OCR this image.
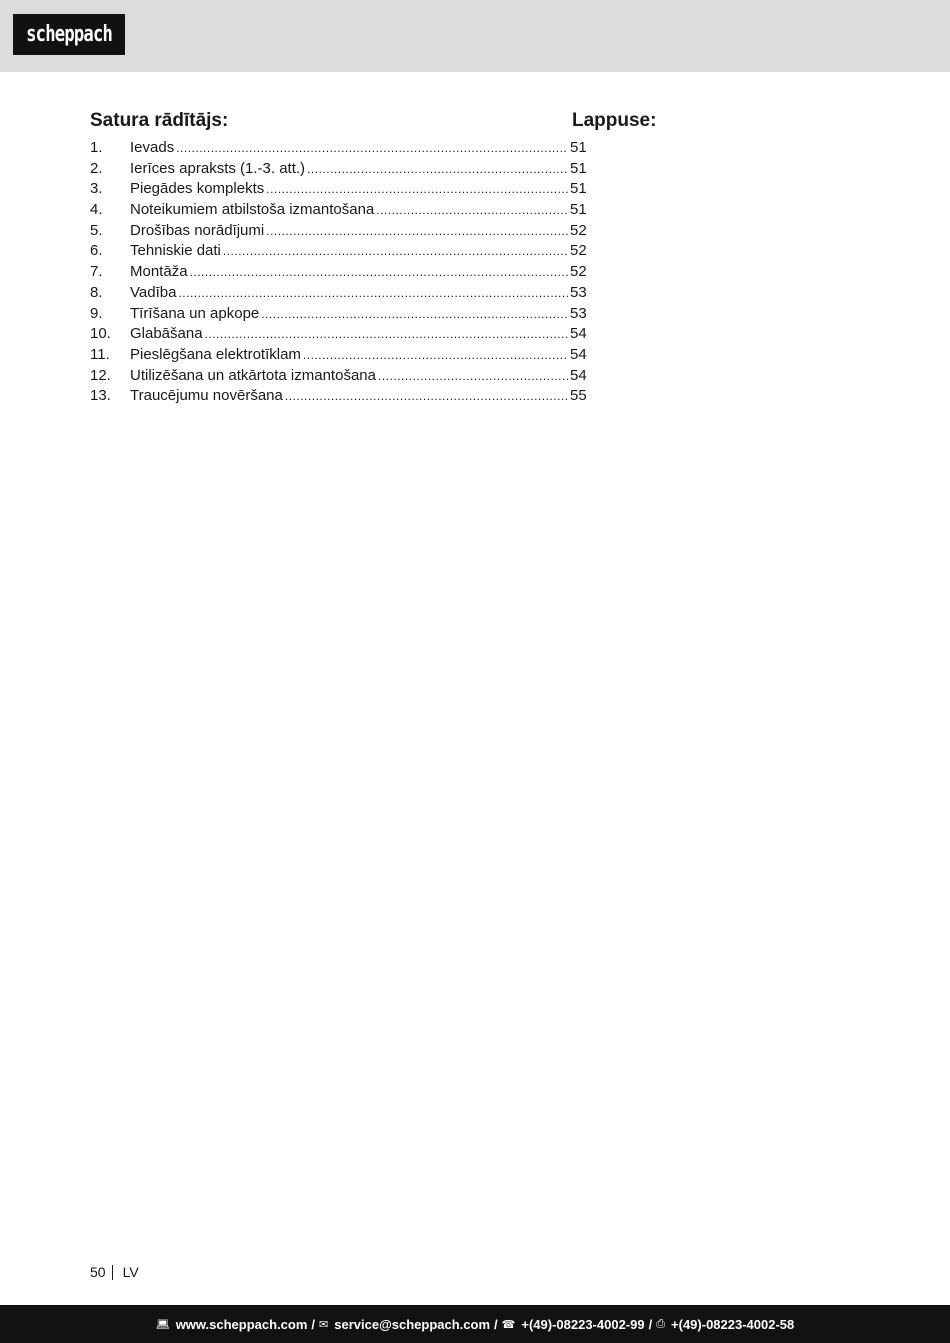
scheppach
Satura rādītājs:	Lappuse:
1.	Ievads .....	51
2.	Ierīces apraksts (1.-3. att.) .....	51
3.	Piegādes komplekts .....	51
4.	Noteikumiem atbilstoša izmantošana .....	51
5.	Drošības norādījumi .....	52
6.	Tehniskie dati .....	52
7.	Montāža .....	52
8.	Vadība .....	53
9.	Tīrīšana un apkope .....	53
10.	Glabāšana .....	54
11.	Pieslēgšana elektrotīklam .....	54
12.	Utilizēšana un atkārtota izmantošana .....	54
13.	Traucējumu novēršana .....	55
50 LV
💻︎ www.scheppach.com / ✉︎ service@scheppach.com / ☎︎ +(49)-08223-4002-99 / ⎙ +(49)-08223-4002-58
